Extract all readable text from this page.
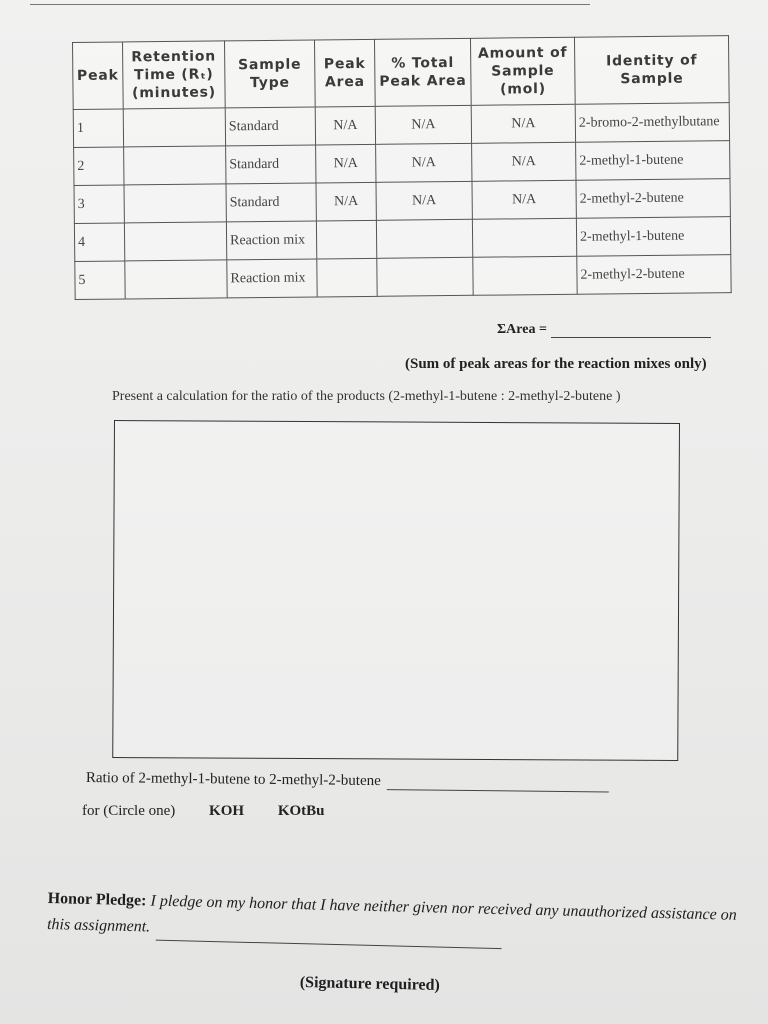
Peak	Retention Time (Rₜ) (minutes)	Sample Type	Peak Area	% Total Peak Area	Amount of Sample (mol)	Identity of Sample
1		Standard	N/A	N/A	N/A	2-bromo-2-methylbutane
2		Standard	N/A	N/A	N/A	2-methyl-1-butene
3		Standard	N/A	N/A	N/A	2-methyl-2-butene
4		Reaction mix				2-methyl-1-butene
5		Reaction mix				2-methyl-2-butene
ΣArea =
(Sum of peak areas for the reaction mixes only)
Present a calculation for the ratio of the products (2-methyl-1-butene : 2-methyl-2-butene )
Ratio of 2-methyl-1-butene to 2-methyl-2-butene
for (Circle one) KOH KOtBu
Honor Pledge: I pledge on my honor that I have neither given nor received any unauthorized assistance on this assignment.
(Signature required)
